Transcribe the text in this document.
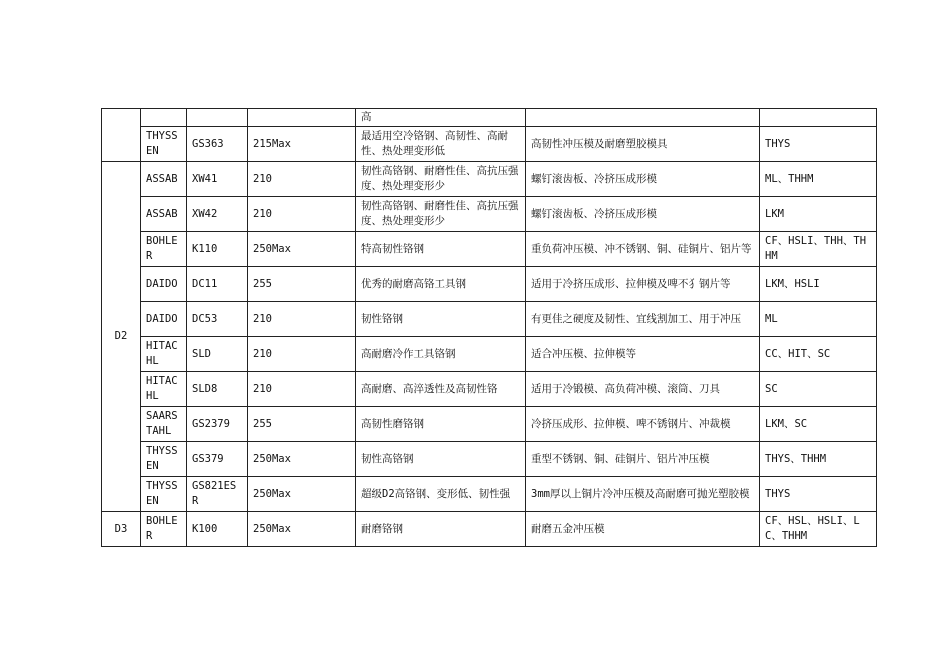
				高		
	THYSSEN	GS363	215Max	最适用空冷铬钢、高韧性、高耐性、热处理变形低	高韧性冲压模及耐磨塑胶模具	THYS
D2	ASSAB	XW41	210	韧性高铬钢、耐磨性佳、高抗压强度、热处理变形少	螺钉滚齿板、冷挤压成形模	ML、THHM
	ASSAB	XW42	210	韧性高铬钢、耐磨性佳、高抗压强度、热处理变形少	螺钉滚齿板、冷挤压成形模	LKM
	BOHLER	K110	250Max	特高韧性铬钢	重负荷冲压模、冲不锈钢、铜、硅铜片、铝片等	CF、HSLI、THH、THHM
	DAIDO	DC11	255	优秀的耐磨高铬工具钢	适用于冷挤压成形、拉伸模及啤不犭钢片等	LKM、HSLI
	DAIDO	DC53	210	韧性铬钢	有更佳之硬度及韧性、宜线割加工、用于冲压	ML
	HITACHL	SLD	210	高耐磨冷作工具铬钢	适合冲压模、拉伸模等	CC、HIT、SC
	HITACHL	SLD8	210	高耐磨、高淬透性及高韧性铬	适用于冷锻模、高负荷冲模、滚筒、刀具	SC
	SAARSTAHL	GS2379	255	高韧性磨铬钢	冷挤压成形、拉伸模、啤不锈钢片、冲裁模	LKM、SC
	THYSSEN	GS379	250Max	韧性高铬钢	重型不锈钢、铜、硅铜片、铝片冲压模	THYS、THHM
	THYSSEN	GS821ESR	250Max	超级D2高铬钢、变形低、韧性强	3mm厚以上铜片冷冲压模及高耐磨可抛光塑胶模	THYS
D3	BOHLER	K100	250Max	耐磨铬钢	耐磨五金冲压模	CF、HSL、HSLI、LC、THHM
